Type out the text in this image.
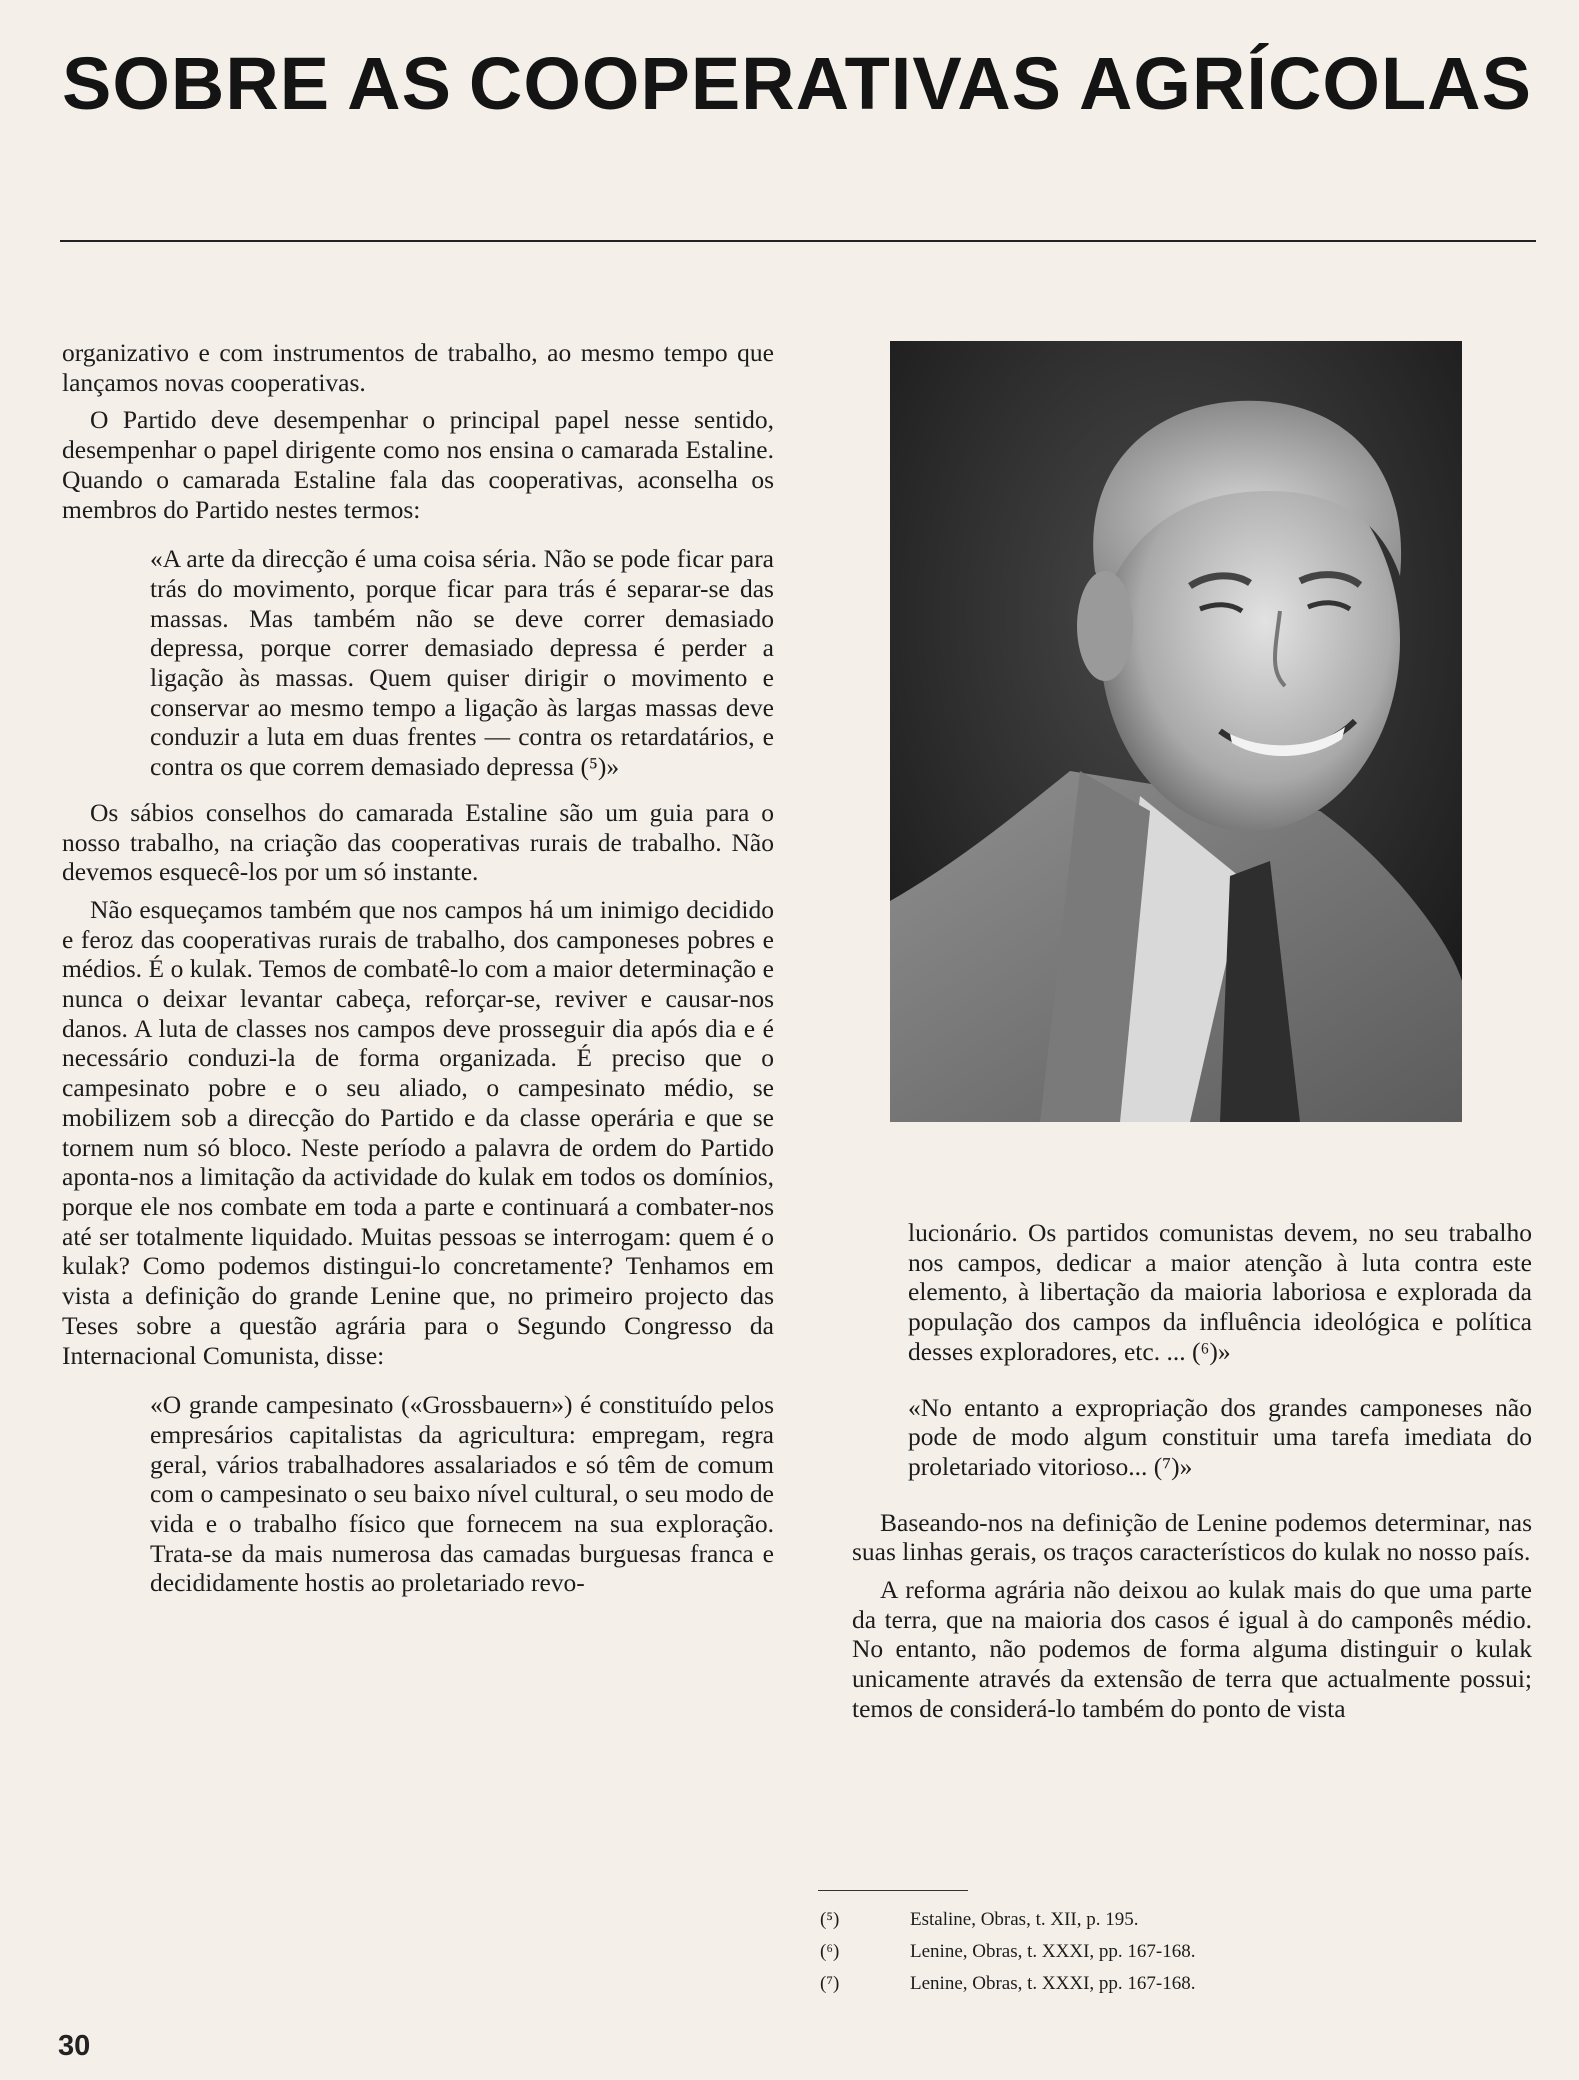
SOBRE AS COOPERATIVAS AGRÍCOLAS

organizativo e com instrumentos de trabalho, ao mesmo tempo que lançamos novas cooperativas.

O Partido deve desempenhar o principal papel nesse sentido, desempenhar o papel dirigente como nos ensina o camarada Estaline. Quando o camarada Estaline fala das cooperativas, aconselha os membros do Partido nestes termos:

«A arte da direcção é uma coisa séria. Não se pode ficar para trás do movimento, porque ficar para trás é separar-se das massas. Mas também não se deve correr demasiado depressa, porque correr demasiado depressa é perder a ligação às massas. Quem quiser dirigir o movimento e conservar ao mesmo tempo a ligação às largas massas deve conduzir a luta em duas frentes — contra os retardatários, e contra os que correm demasiado depressa (⁵)»

Os sábios conselhos do camarada Estaline são um guia para o nosso trabalho, na criação das cooperativas rurais de trabalho. Não devemos esquecê-los por um só instante.

Não esqueçamos também que nos campos há um inimigo decidido e feroz das cooperativas rurais de trabalho, dos camponeses pobres e médios. É o kulak. Temos de combatê-lo com a maior determinação e nunca o deixar levantar cabeça, reforçar-se, reviver e causar-nos danos. A luta de classes nos campos deve prosseguir dia após dia e é necessário conduzi-la de forma organizada. É preciso que o campesinato pobre e o seu aliado, o campesinato médio, se mobilizem sob a direcção do Partido e da classe operária e que se tornem num só bloco. Neste período a palavra de ordem do Partido aponta-nos a limitação da actividade do kulak em todos os domínios, porque ele nos combate em toda a parte e continuará a combater-nos até ser totalmente liquidado. Muitas pessoas se interrogam: quem é o kulak? Como podemos distingui-lo concretamente? Tenhamos em vista a definição do grande Lenine que, no primeiro projecto das Teses sobre a questão agrária para o Segundo Congresso da Internacional Comunista, disse:

«O grande campesinato («Grossbauern») é constituído pelos empresários capitalistas da agricultura: empregam, regra geral, vários trabalhadores assalariados e só têm de comum com o campesinato o seu baixo nível cultural, o seu modo de vida e o trabalho físico que fornecem na sua exploração. Trata-se da mais numerosa das camadas burguesas franca e decididamente hostis ao proletariado revo-

lucionário. Os partidos comunistas devem, no seu trabalho nos campos, dedicar a maior atenção à luta contra este elemento, à libertação da maioria laboriosa e explorada da população dos campos da influência ideológica e política desses exploradores, etc. ... (⁶)»

«No entanto a expropriação dos grandes camponeses não pode de modo algum constituir uma tarefa imediata do proletariado vitorioso... (⁷)»

Baseando-nos na definição de Lenine podemos determinar, nas suas linhas gerais, os traços característicos do kulak no nosso país.

A reforma agrária não deixou ao kulak mais do que uma parte da terra, que na maioria dos casos é igual à do camponês médio. No entanto, não podemos de forma alguma distinguir o kulak unicamente através da extensão de terra que actualmente possui; temos de considerá-lo também do ponto de vista

(⁵)	Estaline, Obras, t. XII, p. 195.
(⁶)	Lenine, Obras, t. XXXI, pp. 167-168.
(⁷)	Lenine, Obras, t. XXXI, pp. 167-168.
30
